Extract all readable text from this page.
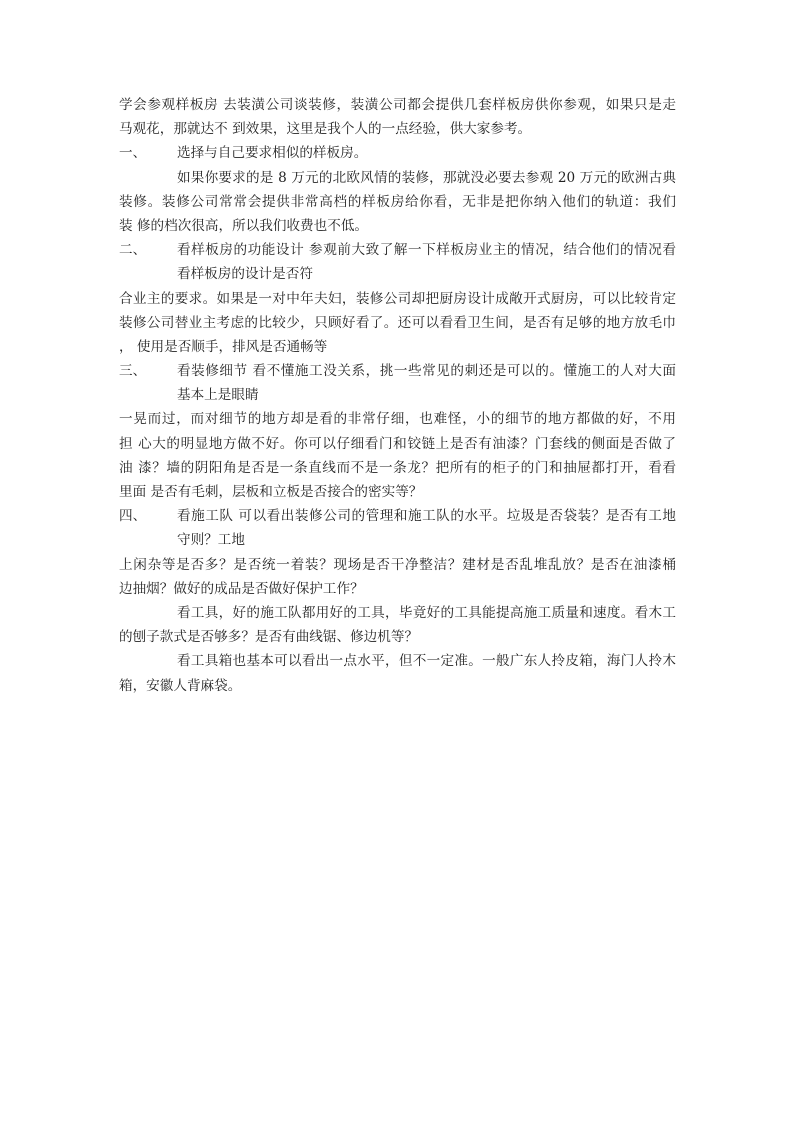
学会参观样板房 去装潢公司谈装修，装潢公司都会提供几套样板房供你参观，如果只是走
马观花，那就达不 到效果，这里是我个人的一点经验，供大家参考。
一、	选择与自己要求相似的样板房。
如果你要求的是 8 万元的北欧风情的装修，那就没必要去参观 20 万元的欧洲古典
装修。装修公司常常会提供非常高档的样板房给你看，无非是把你纳入他们的轨道：我们
装 修的档次很高，所以我们收费也不低。
二、	看样板房的功能设计 参观前大致了解一下样板房业主的情况，结合他们的情况看
看样板房的设计是否符
合业主的要求。如果是一对中年夫妇，装修公司却把厨房设计成敞开式厨房，可以比较肯定
装修公司替业主考虑的比较少，只顾好看了。还可以看看卫生间，是否有足够的地方放毛巾
， 使用是否顺手，排风是否通畅等
三、	看装修细节 看不懂施工没关系，挑一些常见的刺还是可以的。懂施工的人对大面
基本上是眼睛
一晃而过，而对细节的地方却是看的非常仔细，也难怪，小的细节的地方都做的好，不用
担 心大的明显地方做不好。你可以仔细看门和铰链上是否有油漆？门套线的侧面是否做了
油 漆？墙的阴阳角是否是一条直线而不是一条龙？把所有的柜子的门和抽屉都打开，看看
里面 是否有毛刺，层板和立板是否接合的密实等？
四、	看施工队 可以看出装修公司的管理和施工队的水平。垃圾是否袋装？是否有工地
守则？工地
上闲杂等是否多？是否统一着装？现场是否干净整洁？建材是否乱堆乱放？是否在油漆桶
边抽烟？做好的成品是否做好保护工作？
看工具，好的施工队都用好的工具，毕竟好的工具能提高施工质量和速度。看木工
的刨子款式是否够多？是否有曲线锯、修边机等？
看工具箱也基本可以看出一点水平，但不一定准。一般广东人拎皮箱，海门人拎木
箱，安徽人背麻袋。
